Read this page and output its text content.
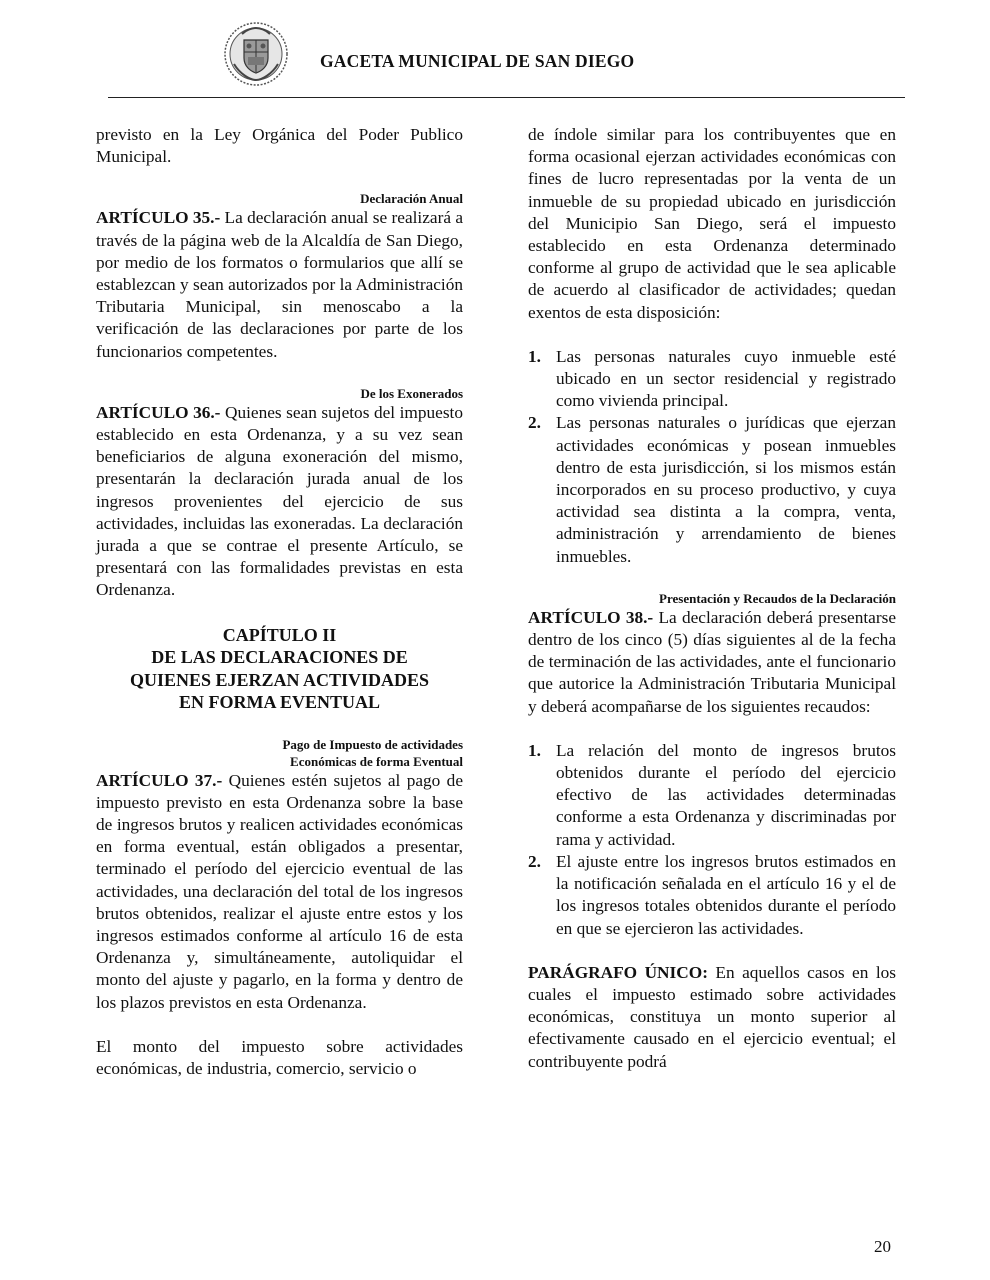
GACETA MUNICIPAL DE SAN DIEGO

previsto en la Ley Orgánica del Poder Publico Municipal.

Declaración Anual

ARTÍCULO 35.- La declaración anual se realizará a través de la página web de la Alcaldía de San Diego, por medio de los formatos o formularios que allí se establezcan y sean autorizados por la Administración Tributaria Municipal, sin menoscabo a la verificación de las declaraciones por parte de los funcionarios competentes.

De los Exonerados

ARTÍCULO 36.- Quienes sean sujetos del impuesto establecido en esta Ordenanza, y a su vez sean beneficiarios de alguna exoneración del mismo, presentarán la declaración jurada anual de los ingresos provenientes del ejercicio de sus actividades, incluidas las exoneradas. La declaración jurada a que se contrae el presente Artículo, se presentará con las formalidades previstas en esta Ordenanza.

CAPÍTULO II

DE LAS DECLARACIONES DE

QUIENES EJERZAN ACTIVIDADES

EN FORMA EVENTUAL

Pago de Impuesto de actividades

Económicas de forma Eventual

ARTÍCULO 37.- Quienes estén sujetos al pago de impuesto previsto en esta Ordenanza sobre la base de ingresos brutos y realicen actividades económicas en forma eventual, están obligados a presentar, terminado el período del ejercicio eventual de las actividades, una declaración del total de los ingresos brutos obtenidos, realizar el ajuste entre estos y los ingresos estimados conforme al artículo 16 de esta Ordenanza y, simultáneamente, autoliquidar el monto del ajuste y pagarlo, en la forma y dentro de los plazos previstos en esta Ordenanza.

El monto del impuesto sobre actividades económicas, de industria, comercio, servicio o

de índole similar para los contribuyentes que en forma ocasional ejerzan actividades económicas con fines de lucro representadas por la venta de un inmueble de su propiedad ubicado en jurisdicción del Municipio San Diego, será el impuesto establecido en esta Ordenanza determinado conforme al grupo de actividad que le sea aplicable de acuerdo al clasificador de actividades; quedan exentos de esta disposición:

1. Las personas naturales cuyo inmueble esté ubicado en un sector residencial y registrado como vivienda principal.
2. Las personas naturales o jurídicas que ejerzan actividades económicas y posean inmuebles dentro de esta jurisdicción, si los mismos están incorporados en su proceso productivo, y cuya actividad sea distinta a la compra, venta, administración y arrendamiento de bienes inmuebles.

Presentación y Recaudos de la Declaración

ARTÍCULO 38.- La declaración deberá presentarse dentro de los cinco (5) días siguientes al de la fecha de terminación de las actividades, ante el funcionario que autorice la Administración Tributaria Municipal y deberá acompañarse de los siguientes recaudos:

1. La relación del monto de ingresos brutos obtenidos durante el período del ejercicio efectivo de las actividades determinadas conforme a esta Ordenanza y discriminadas por rama y actividad.
2. El ajuste entre los ingresos brutos estimados en la notificación señalada en el artículo 16 y el de los ingresos totales obtenidos durante el período en que se ejercieron las actividades.

PARÁGRAFO ÚNICO: En aquellos casos en los cuales el impuesto estimado sobre actividades económicas, constituya un monto superior al efectivamente causado en el ejercicio eventual; el contribuyente podrá

20
